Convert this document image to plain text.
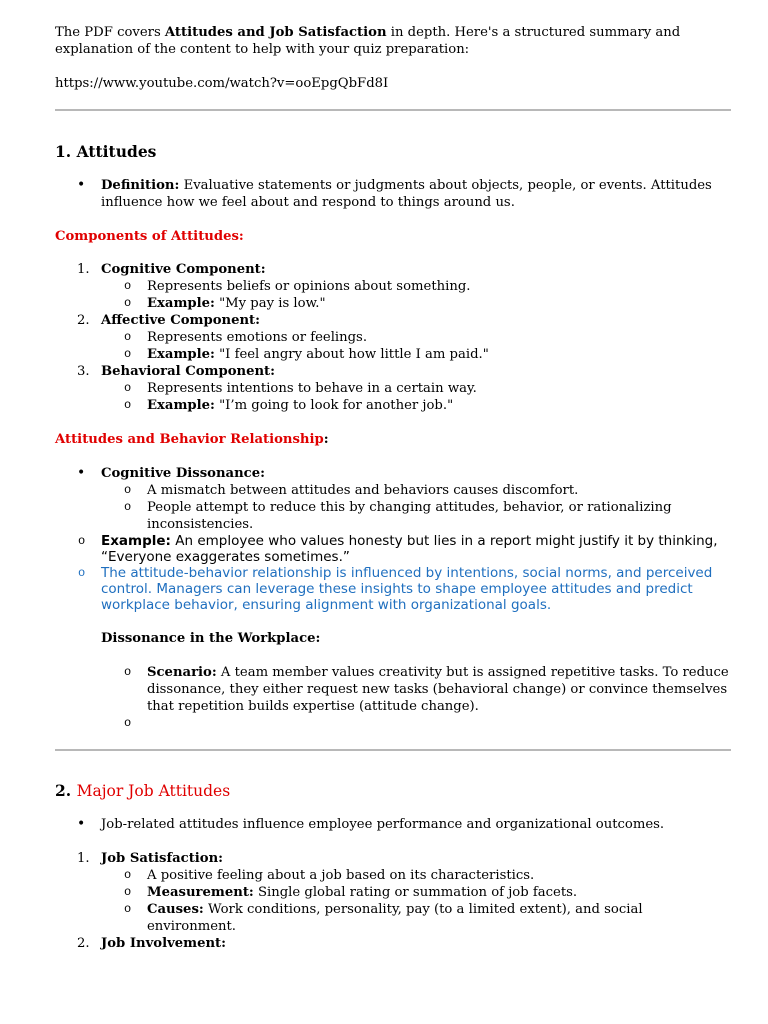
The PDF covers Attitudes and Job Satisfaction in depth. Here's a structured summary and explanation of the content to help with your quiz preparation:

https://www.youtube.com/watch?v=ooEpgQbFd8I

1. Attitudes
• Definition: Evaluative statements or judgments about objects, people, or events. Attitudes influence how we feel about and respond to things around us.

Components of Attitudes:

1. Cognitive Component:
o Represents beliefs or opinions about something.
o Example: "My pay is low."
2. Affective Component:
o Represents emotions or feelings.
o Example: "I feel angry about how little I am paid."
3. Behavioral Component:
o Represents intentions to behave in a certain way.
o Example: "I’m going to look for another job."

Attitudes and Behavior Relationship:

• Cognitive Dissonance:
o A mismatch between attitudes and behaviors causes discomfort.
o People attempt to reduce this by changing attitudes, behavior, or rationalizing inconsistencies.
o Example: An employee who values honesty but lies in a report might justify it by thinking, “Everyone exaggerates sometimes.”
o The attitude-behavior relationship is influenced by intentions, social norms, and perceived control. Managers can leverage these insights to shape employee attitudes and predict workplace behavior, ensuring alignment with organizational goals.

Dissonance in the Workplace:

o Scenario: A team member values creativity but is assigned repetitive tasks. To reduce dissonance, they either request new tasks (behavioral change) or convince themselves that repetition builds expertise (attitude change).
o
2. Major Job Attitudes
• Job-related attitudes influence employee performance and organizational outcomes.
1. Job Satisfaction:
o A positive feeling about a job based on its characteristics.
o Measurement: Single global rating or summation of job facets.
o Causes: Work conditions, personality, pay (to a limited extent), and social environment.
2. Job Involvement:
